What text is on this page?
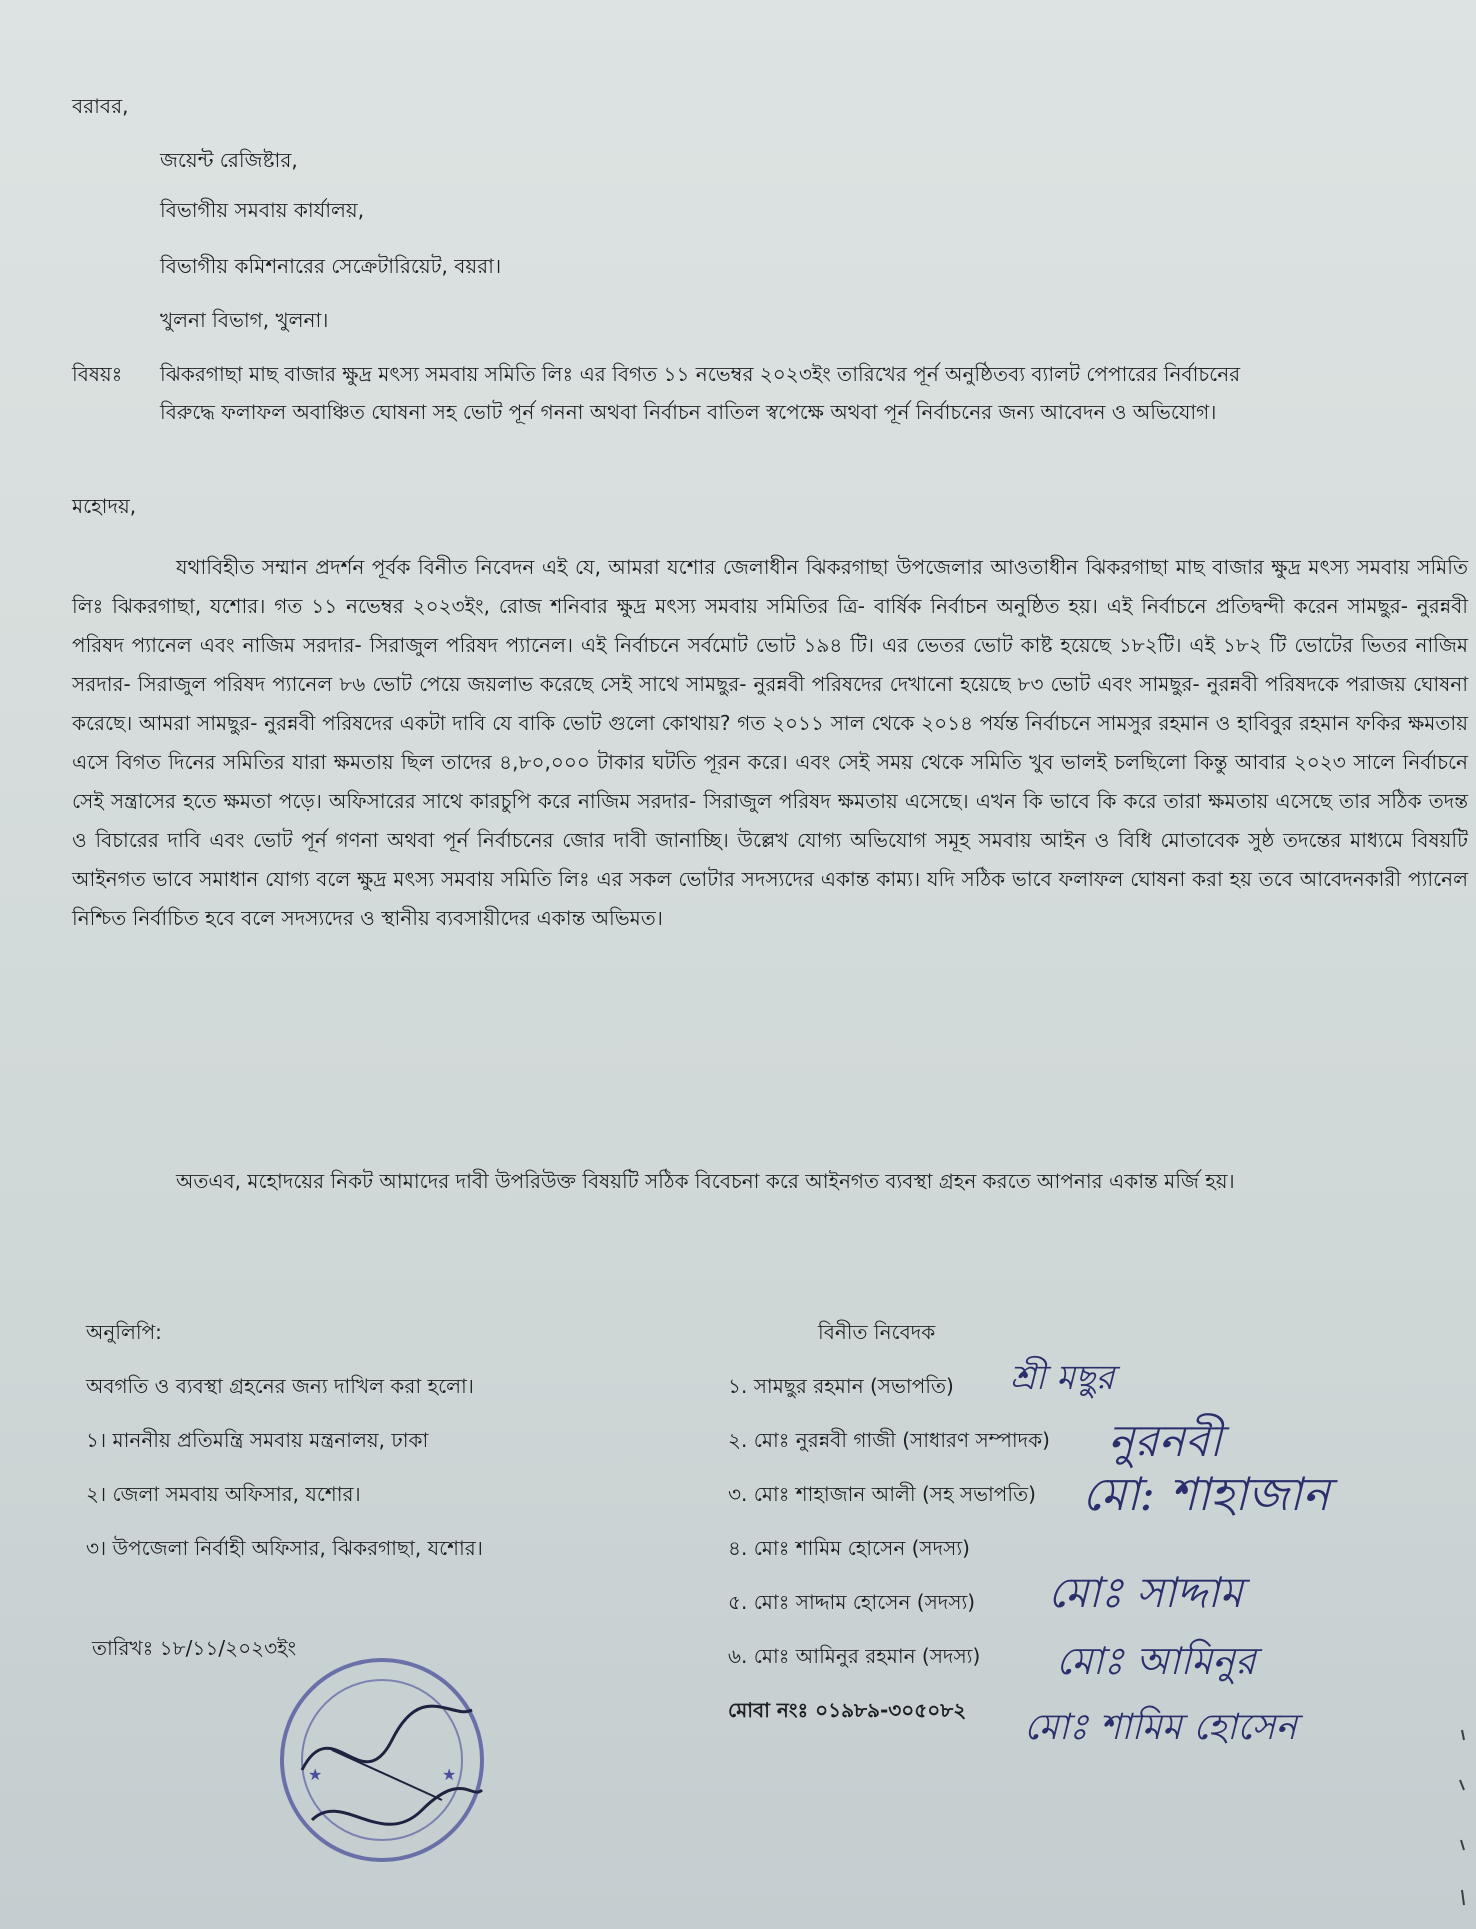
বরাবর,
জয়েন্ট রেজিষ্টার,
বিভাগীয় সমবায় কার্যালয়,
বিভাগীয় কমিশনারের সেক্রেটারিয়েট, বয়রা।
খুলনা বিভাগ, খুলনা।
বিষয়ঃ ঝিকরগাছা মাছ বাজার ক্ষুদ্র মৎস্য সমবায় সমিতি লিঃ এর বিগত ১১ নভেম্বর ২০২৩ইং তারিখের পূর্ন অনুষ্ঠিতব্য ব্যালট পেপারের নির্বাচনের বিরুদ্ধে ফলাফল অবাঞ্চিত ঘোষনা সহ ভোট পূর্ন গননা অথবা নির্বাচন বাতিল স্বপেক্ষে অথবা পূর্ন নির্বাচনের জন্য আবেদন ও অভিযোগ।
মহোদয়,
যথাবিহীত সম্মান প্রদর্শন পূর্বক বিনীত নিবেদন এই যে, আমরা যশোর জেলাধীন ঝিকরগাছা উপজেলার আওতাধীন ঝিকরগাছা মাছ বাজার ক্ষুদ্র মৎস্য সমবায় সমিতি লিঃ ঝিকরগাছা, যশোর। গত ১১ নভেম্বর ২০২৩ইং, রোজ শনিবার ক্ষুদ্র মৎস্য সমবায় সমিতির ত্রি- বার্ষিক নির্বাচন অনুষ্ঠিত হয়। এই নির্বাচনে প্রতিদ্বন্দী করেন সামছুর- নুরন্নবী পরিষদ প্যানেল এবং নাজিম সরদার- সিরাজুল পরিষদ প্যানেল। এই নির্বাচনে সর্বমোট ভোট ১৯৪ টি। এর ভেতর ভোট কাষ্ট হয়েছে ১৮২টি। এই ১৮২ টি ভোটের ভিতর নাজিম সরদার- সিরাজুল পরিষদ প্যানেল ৮৬ ভোট পেয়ে জয়লাভ করেছে সেই সাথে সামছুর- নুরন্নবী পরিষদের দেখানো হয়েছে ৮৩ ভোট এবং সামছুর- নুরন্নবী পরিষদকে পরাজয় ঘোষনা করেছে। আমরা সামছুর- নুরন্নবী পরিষদের একটা দাবি যে বাকি ভোট গুলো কোথায়? গত ২০১১ সাল থেকে ২০১৪ পর্যন্ত নির্বাচনে সামসুর রহমান ও হাবিবুর রহমান ফকির ক্ষমতায় এসে বিগত দিনের সমিতির যারা ক্ষমতায় ছিল তাদের ৪,৮০,০০০ টাকার ঘটতি পূরন করে। এবং সেই সময় থেকে সমিতি খুব ভালই চলছিলো কিন্তু আবার ২০২৩ সালে নির্বাচনে সেই সন্ত্রাসের হতে ক্ষমতা পড়ে। অফিসারের সাথে কারচুপি করে নাজিম সরদার- সিরাজুল পরিষদ ক্ষমতায় এসেছে। এখন কি ভাবে কি করে তারা ক্ষমতায় এসেছে তার সঠিক তদন্ত ও বিচারের দাবি এবং ভোট পূর্ন গণনা অথবা পূর্ন নির্বাচনের জোর দাবী জানাচ্ছি। উল্লেখ যোগ্য অভিযোগ সমূহ সমবায় আইন ও বিধি মোতাবেক সুষ্ঠ তদন্তের মাধ্যমে বিষয়টি আইনগত ভাবে সমাধান যোগ্য বলে ক্ষুদ্র মৎস্য সমবায় সমিতি লিঃ এর সকল ভোটার সদস্যদের একান্ত কাম্য। যদি সঠিক ভাবে ফলাফল ঘোষনা করা হয় তবে আবেদনকারী প্যানেল নিশ্চিত নির্বাচিত হবে বলে সদস্যদের ও স্থানীয় ব্যবসায়ীদের একান্ত অভিমত।
অতএব, মহোদয়ের নিকট আমাদের দাবী উপরিউক্ত বিষয়টি সঠিক বিবেচনা করে আইনগত ব্যবস্থা গ্রহন করতে আপনার একান্ত মর্জি হয়।
অনুলিপি:
অবগতি ও ব্যবস্থা গ্রহনের জন্য দাখিল করা হলো।
১। মাননীয় প্রতিমন্ত্রি সমবায় মন্ত্রনালয়, ঢাকা
২। জেলা সমবায় অফিসার, যশোর।
৩। উপজেলা নির্বাহী অফিসার, ঝিকরগাছা, যশোর।
তারিখঃ ১৮/১১/২০২৩ইং
বিনীত নিবেদক
১. সামছুর রহমান (সভাপতি)
২. মোঃ নুরন্নবী গাজী (সাধারণ সম্পাদক)
৩. মোঃ শাহাজান আলী (সহ সভাপতি)
৪. মোঃ শামিম হোসেন (সদস্য)
৫. মোঃ সাদ্দাম হোসেন (সদস্য)
৬. মোঃ আমিনুর রহমান (সদস্য)
মোবা নংঃ ০১৯৮৯-৩০৫০৮২
শ্রী মছুর
নুরনবী
মো: শাহাজান
মোঃ সাদ্দাম
মোঃ আমিনুর
মোঃ শামিম হোসেন
★
★
